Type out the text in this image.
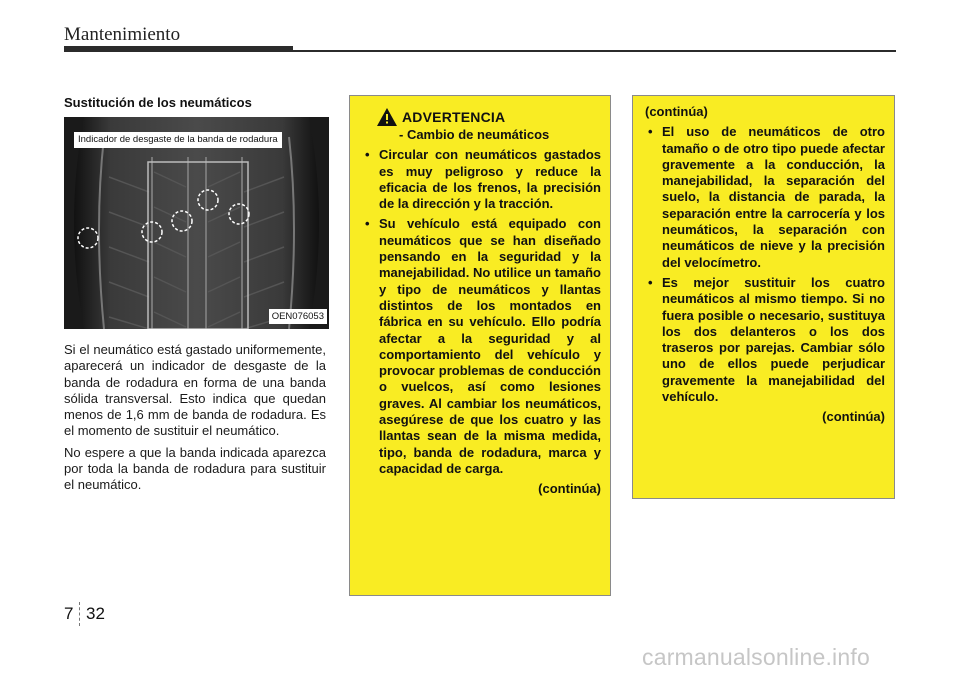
Mantenimiento
Sustitución de los neumáticos
Indicador de desgaste de la banda de rodadura
OEN076053

Si el neumático está gastado uniformemente, aparecerá un indicador de desgaste de la banda de rodadura en forma de una banda sólida transversal. Esto indica que quedan menos de 1,6 mm de banda de rodadura. Es el momento de sustituir el neumático.

No espere a que la banda indicada aparezca por toda la banda de rodadura para sustituir el neumático.

ADVERTENCIA
- Cambio de neumáticos
• Circular con neumáticos gastados es muy peligroso y reduce la eficacia de los frenos, la precisión de la dirección y la tracción.
• Su vehículo está equipado con neumáticos que se han diseñado pensando en la seguridad y la manejabilidad. No utilice un tamaño y tipo de neumáticos y llantas distintos de los montados en fábrica en su vehículo. Ello podría afectar a la seguridad y al comportamiento del vehículo y provocar problemas de conducción o vuelcos, así como lesiones graves. Al cambiar los neumáticos, asegúrese de que los cuatro y las llantas sean de la misma medida, tipo, banda de rodadura, marca y capacidad de carga.
(continúa)
(continúa)
• El uso de neumáticos de otro tamaño o de otro tipo puede afectar gravemente a la conducción, la manejabilidad, la separación del suelo, la distancia de parada, la separación entre la carrocería y los neumáticos, la separación con neumáticos de nieve y la precisión del velocímetro.
• Es mejor sustituir los cuatro neumáticos al mismo tiempo. Si no fuera posible o necesario, sustituya los dos delanteros o los dos traseros por parejas. Cambiar sólo uno de ellos puede perjudicar gravemente la manejabilidad del vehículo.
(continúa)
7 32
carmanualsonline.info
